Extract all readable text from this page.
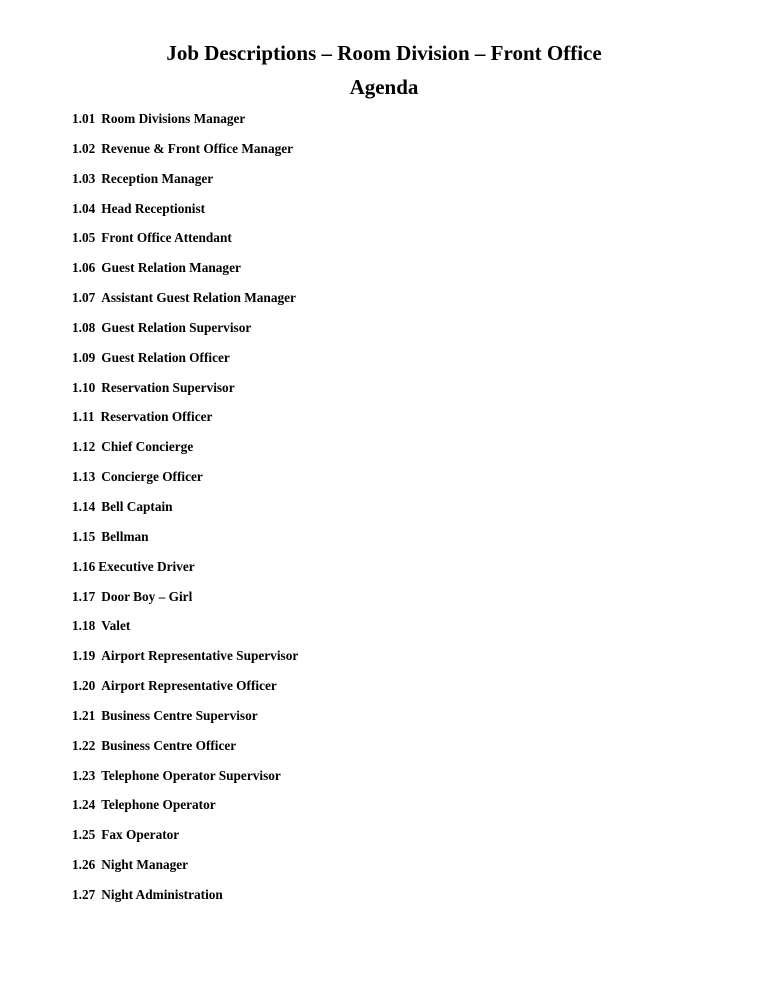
Job Descriptions – Room Division – Front Office
Agenda
1.01 Room Divisions Manager
1.02 Revenue & Front Office Manager
1.03 Reception Manager
1.04 Head Receptionist
1.05 Front Office Attendant
1.06 Guest Relation Manager
1.07 Assistant Guest Relation Manager
1.08 Guest Relation Supervisor
1.09 Guest Relation Officer
1.10 Reservation Supervisor
1.11 Reservation Officer
1.12 Chief Concierge
1.13 Concierge Officer
1.14 Bell Captain
1.15 Bellman
1.16 Executive Driver
1.17 Door Boy – Girl
1.18 Valet
1.19 Airport Representative Supervisor
1.20 Airport Representative Officer
1.21 Business Centre Supervisor
1.22 Business Centre Officer
1.23 Telephone Operator Supervisor
1.24 Telephone Operator
1.25 Fax Operator
1.26 Night Manager
1.27 Night Administration
